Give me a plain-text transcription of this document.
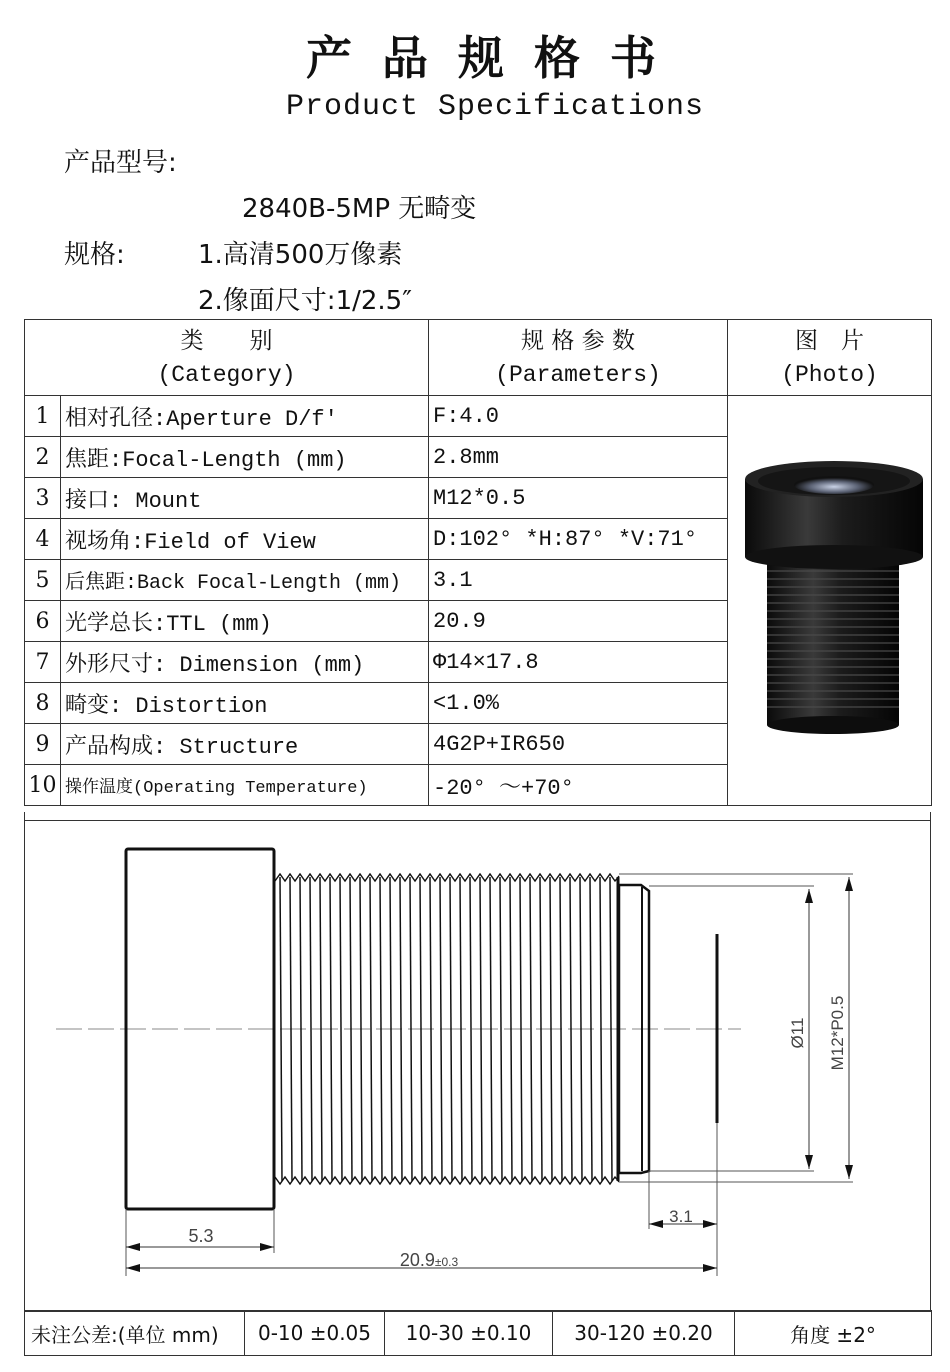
产品规格书
Product Specifications
产品型号:
2840B-5MP 无畸变
规格:	1.高清500万像素
2.像面尺寸:1/2.5″
类　　别
(Category)

规 格 参 数
(Parameters)

图　片
(Photo)

1	相对孔径:Aperture D/f′	F:4.0	
2	焦距:Focal-Length (mm)	2.8mm	
3	接口: Mount	M12*0.5	
4	视场角:Field of View	D:102° *H:87° *V:71°	
5	后焦距:Back Focal-Length (mm)	3.1	
6	光学总长:TTL (mm)	20.9	
7	外形尺寸: Dimension (mm)	Φ14×17.8	
8	畸变: Distortion	<1.0%	
9	产品构成: Structure	4G2P+IR650	
10	操作温度(Operating Temperature)	-20° ～+70°	
Ø11 M12*P0.5
5.3
20.9±0.3
3.1
未注公差:(单位 mm)	0-10 ±0.05	10-30 ±0.10	30-120 ±0.20	角度 ±2°
